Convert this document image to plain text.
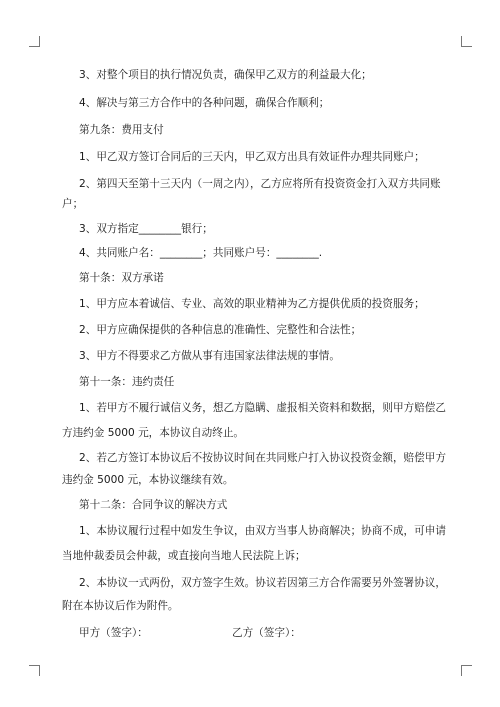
3、对整个项目的执行情况负责，确保甲乙双方的利益最大化；
4、解决与第三方合作中的各种问题，确保合作顺利；
第九条：费用支付
1、甲乙双方签订合同后的三天内，甲乙双方出具有效证件办理共同账户；
2、第四天至第十三天内（一周之内），乙方应将所有投资资金打入双方共同账
户；
3、双方指定________银行；
4、共同账户名：________；共同账户号：________.
第十条：双方承诺
1、甲方应本着诚信、专业、高效的职业精神为乙方提供优质的投资服务；
2、甲方应确保提供的各种信息的准确性、完整性和合法性；
3、甲方不得要求乙方做从事有违国家法律法规的事情。
第十一条：违约责任
1、若甲方不履行诚信义务，想乙方隐瞒、虚报相关资料和数据，则甲方赔偿乙
方违约金 5000 元，本协议自动终止。
2、若乙方签订本协议后不按协议时间在共同账户打入协议投资金额，赔偿甲方
违约金 5000 元，本协议继续有效。
第十二条：合同争议的解决方式
1、本协议履行过程中如发生争议，由双方当事人协商解决；协商不成，可申请
当地仲裁委员会仲裁，或直接向当地人民法院上诉；
2、本协议一式两份，双方签字生效。协议若因第三方合作需要另外签署协议，
附在本协议后作为附件。
甲方（签字）：	乙方（签字）：
